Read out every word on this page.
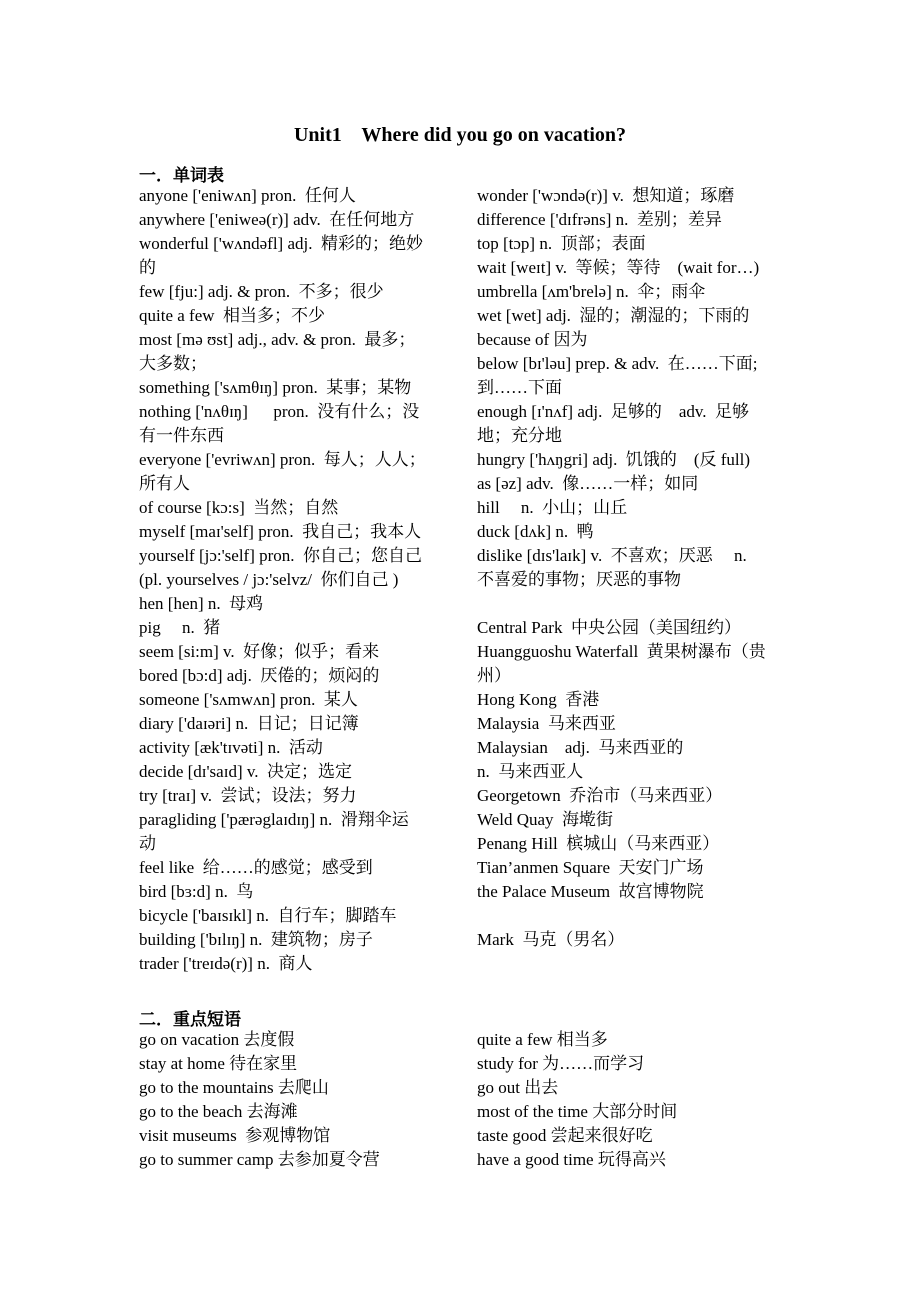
Unit1    Where did you go on vacation?
一．单词表
anyone ['eniwʌn] pron.  任何人
anywhere ['eniweə(r)] adv.  在任何地方
wonderful ['wʌndəfl] adj.  精彩的；绝妙
的
few [fju:] adj. & pron.  不多；很少
quite a few  相当多；不少
most [mə ʊst] adj., adv. & pron.  最多；
大多数；
something ['sʌmθɪŋ] pron.  某事；某物
nothing ['nʌθɪŋ]      pron.  没有什么；没
有一件东西
everyone ['evriwʌn] pron.  每人；人人；
所有人
of course [kɔ:s]  当然；自然
myself [maɪ'self] pron.  我自己；我本人
yourself [jɔ:'self] pron.  你自己；您自己
(pl. yourselves / jɔ:'selvz/  你们自己 )
hen [hen] n.  母鸡
pig     n.  猪
seem [si:m] v.  好像；似乎；看来
bored [bɔ:d] adj.  厌倦的；烦闷的
someone ['sʌmwʌn] pron.  某人
diary ['daɪəri] n.  日记；日记簿
activity [æk'tɪvəti] n.  活动
decide [dɪ'saɪd] v.  决定；选定
try [traɪ] v.  尝试；设法；努力
paragliding ['pærəglaɪdɪŋ] n.  滑翔伞运
动
feel like  给……的感觉；感受到
bird [bɜ:d] n.  鸟
bicycle ['baɪsɪkl] n.  自行车；脚踏车
building ['bɪlɪŋ] n.  建筑物；房子
trader ['treɪdə(r)] n.  商人
wonder ['wɔndə(r)] v.  想知道；琢磨
difference ['dɪfrəns] n.  差别；差异
top [tɔp] n.  顶部；表面
wait [weɪt] v.  等候；等待    (wait for…)
umbrella [ʌm'brelə] n.  伞；雨伞
wet [wet] adj.  湿的；潮湿的；下雨的
because of 因为
below [bɪ'ləu] prep. & adv.  在……下面;
到……下面
enough [ɪ'nʌf] adj.  足够的    adv.  足够
地；充分地
hungry ['hʌŋgri] adj.  饥饿的    (反 full)
as [əz] adv.  像……一样；如同
hill     n.  小山；山丘
duck [dʌk] n.  鸭
dislike [dɪs'laɪk] v.  不喜欢；厌恶     n.
不喜爱的事物；厌恶的事物
Central Park  中央公园（美国纽约）
Huangguoshu Waterfall  黄果树瀑布（贵
州）
Hong Kong  香港
Malaysia  马来西亚
Malaysian    adj.  马来西亚的
n.  马来西亚人
Georgetown  乔治市（马来西亚）
Weld Quay  海墘街
Penang Hill  槟城山（马来西亚）
Tian’anmen Square  天安门广场
the Palace Museum  故宫博物院
Mark  马克（男名）
二．重点短语
go on vacation 去度假
stay at home 待在家里
go to the mountains 去爬山
go to the beach 去海滩
visit museums  参观博物馆
go to summer camp 去参加夏令营
quite a few 相当多
study for 为……而学习
go out 出去
most of the time 大部分时间
taste good 尝起来很好吃
have a good time 玩得高兴
